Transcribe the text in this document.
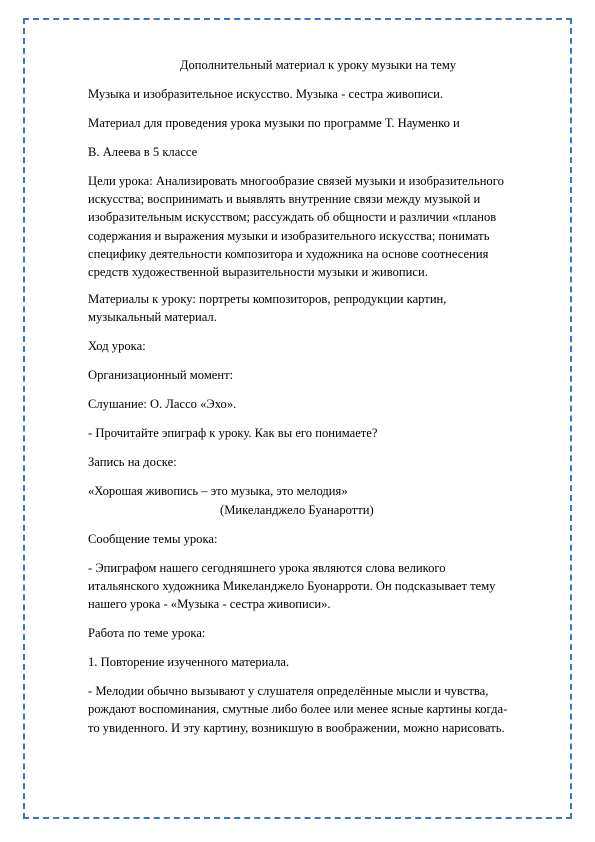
Дополнительный материал к уроку музыки на тему

Музыка и изобразительное искусство. Музыка - сестра живописи.

Материал для проведения урока музыки по программе Т. Науменко и

В. Алеева в 5 классе

Цели урока: Анализировать многообразие связей музыки и изобразительного
искусства; воспринимать и выявлять внутренние связи между музыкой и
изобразительным искусством; рассуждать об общности и различии «планов
содержания и выражения музыки и изобразительного искусства; понимать
специфику деятельности композитора и художника на основе соотнесения
средств художественной выразительности музыки и живописи.
Материалы к уроку: портреты композиторов, репродукции картин,
музыкальный материал.

Ход урока:

Организационный момент:

Слушание: О. Лассо «Эхо».

- Прочитайте эпиграф к уроку. Как вы его понимаете?

Запись на доске:

«Хорошая живопись – это музыка, это мелодия»

(Микеланджело Буанаротти)

Сообщение темы урока:

- Эпиграфом нашего сегодняшнего урока являются слова великого
итальянского художника Микеланджело Буонарроти. Он подсказывает тему
нашего урока - «Музыка - сестра живописи».

Работа по теме урока:

1. Повторение изученного материала.

- Мелодии обычно вызывают у слушателя определённые мысли и чувства,
рождают воспоминания, смутные либо более или менее ясные картины когда-
то увиденного. И эту картину, возникшую в воображении, можно нарисовать.
